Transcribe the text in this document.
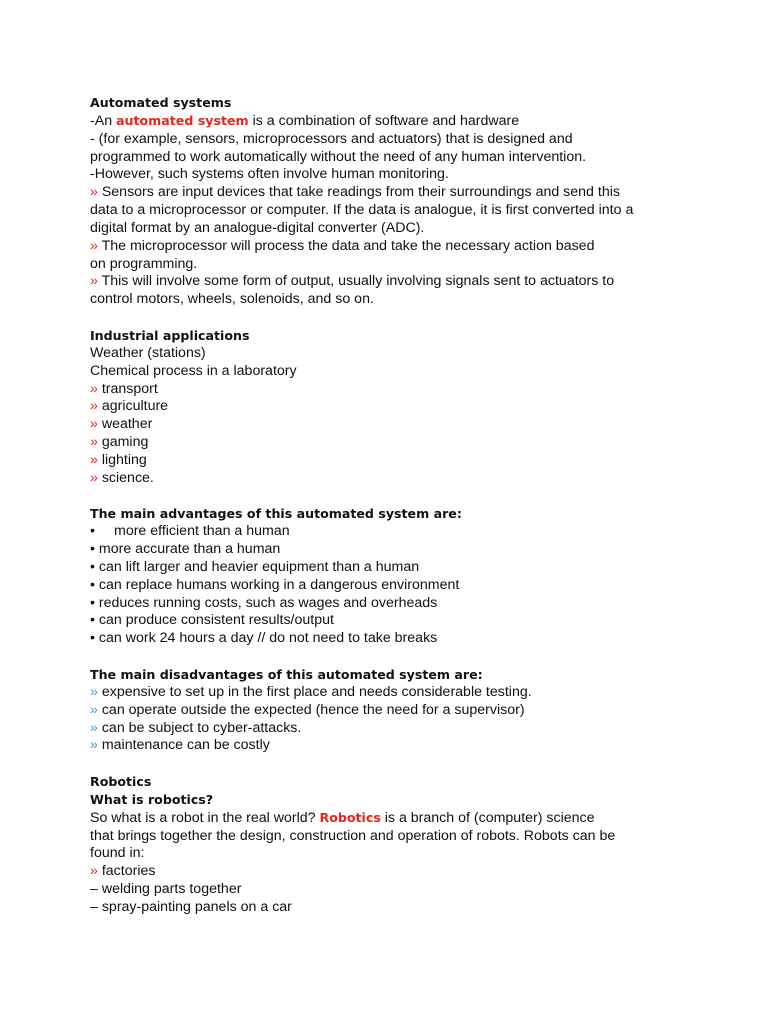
Automated systems
-An automated system is a combination of software and hardware
- (for example, sensors, microprocessors and actuators) that is designed and
programmed to work automatically without the need of any human intervention.
-However, such systems often involve human monitoring.
» Sensors are input devices that take readings from their surroundings and send this
data to a microprocessor or computer. If the data is analogue, it is first converted into a
digital format by an analogue-digital converter (ADC).
» The microprocessor will process the data and take the necessary action based
on programming.
» This will involve some form of output, usually involving signals sent to actuators to
control motors, wheels, solenoids, and so on.
Industrial applications
Weather (stations)
Chemical process in a laboratory
» transport
» agriculture
» weather
» gaming
» lighting
» science.
The main advantages of this automated system are:
• more efficient than a human
• more accurate than a human
• can lift larger and heavier equipment than a human
• can replace humans working in a dangerous environment
• reduces running costs, such as wages and overheads
• can produce consistent results/output
• can work 24 hours a day // do not need to take breaks
The main disadvantages of this automated system are:
» expensive to set up in the first place and needs considerable testing.
» can operate outside the expected (hence the need for a supervisor)
» can be subject to cyber-attacks.
» maintenance can be costly
Robotics
What is robotics?
So what is a robot in the real world? Robotics is a branch of (computer) science
that brings together the design, construction and operation of robots. Robots can be
found in:
» factories
– welding parts together
– spray-painting panels on a car
